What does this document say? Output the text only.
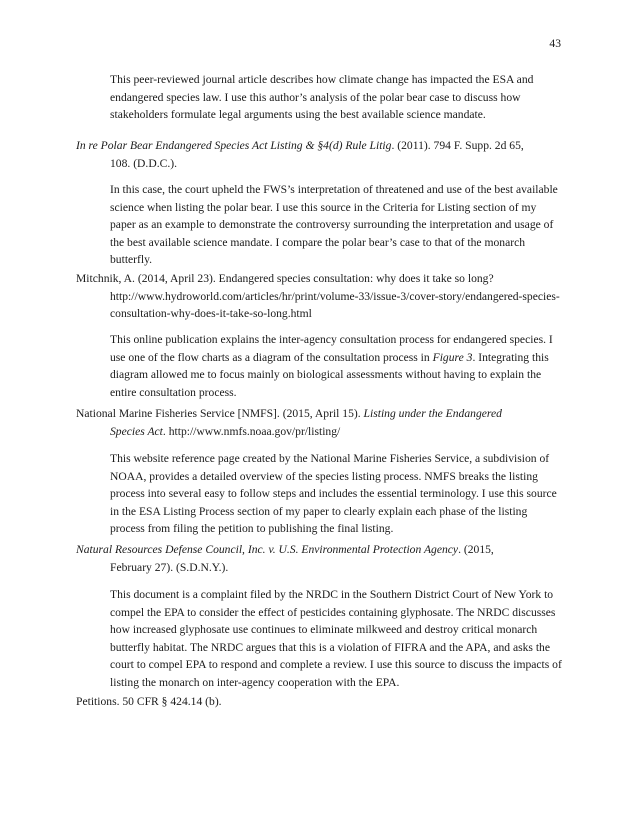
43
This peer-reviewed journal article describes how climate change has impacted the ESA and
endangered species law. I use this author’s analysis of the polar bear case to discuss how
stakeholders formulate legal arguments using the best available science mandate.
In re Polar Bear Endangered Species Act Listing & §4(d) Rule Litig. (2011). 794 F. Supp. 2d 65,
108. (D.D.C.).
In this case, the court upheld the FWS’s interpretation of threatened and use of the best available
science when listing the polar bear. I use this source in the Criteria for Listing section of my
paper as an example to demonstrate the controversy surrounding the interpretation and usage of
the best available science mandate. I compare the polar bear’s case to that of the monarch
butterfly.
Mitchnik, A. (2014, April 23). Endangered species consultation: why does it take so long?
http://www.hydroworld.com/articles/hr/print/volume-33/issue-3/cover-story/endangered-species-
consultation-why-does-it-take-so-long.html
This online publication explains the inter-agency consultation process for endangered species. I
use one of the flow charts as a diagram of the consultation process in Figure 3. Integrating this
diagram allowed me to focus mainly on biological assessments without having to explain the
entire consultation process.
National Marine Fisheries Service [NMFS]. (2015, April 15). Listing under the Endangered
Species Act. http://www.nmfs.noaa.gov/pr/listing/
This website reference page created by the National Marine Fisheries Service, a subdivision of
NOAA, provides a detailed overview of the species listing process. NMFS breaks the listing
process into several easy to follow steps and includes the essential terminology. I use this source
in the ESA Listing Process section of my paper to clearly explain each phase of the listing
process from filing the petition to publishing the final listing.
Natural Resources Defense Council, Inc. v. U.S. Environmental Protection Agency. (2015,
February 27). (S.D.N.Y.).
This document is a complaint filed by the NRDC in the Southern District Court of New York to
compel the EPA to consider the effect of pesticides containing glyphosate. The NRDC discusses
how increased glyphosate use continues to eliminate milkweed and destroy critical monarch
butterfly habitat. The NRDC argues that this is a violation of FIFRA and the APA, and asks the
court to compel EPA to respond and complete a review. I use this source to discuss the impacts of
listing the monarch on inter-agency cooperation with the EPA.
Petitions. 50 CFR § 424.14 (b).
